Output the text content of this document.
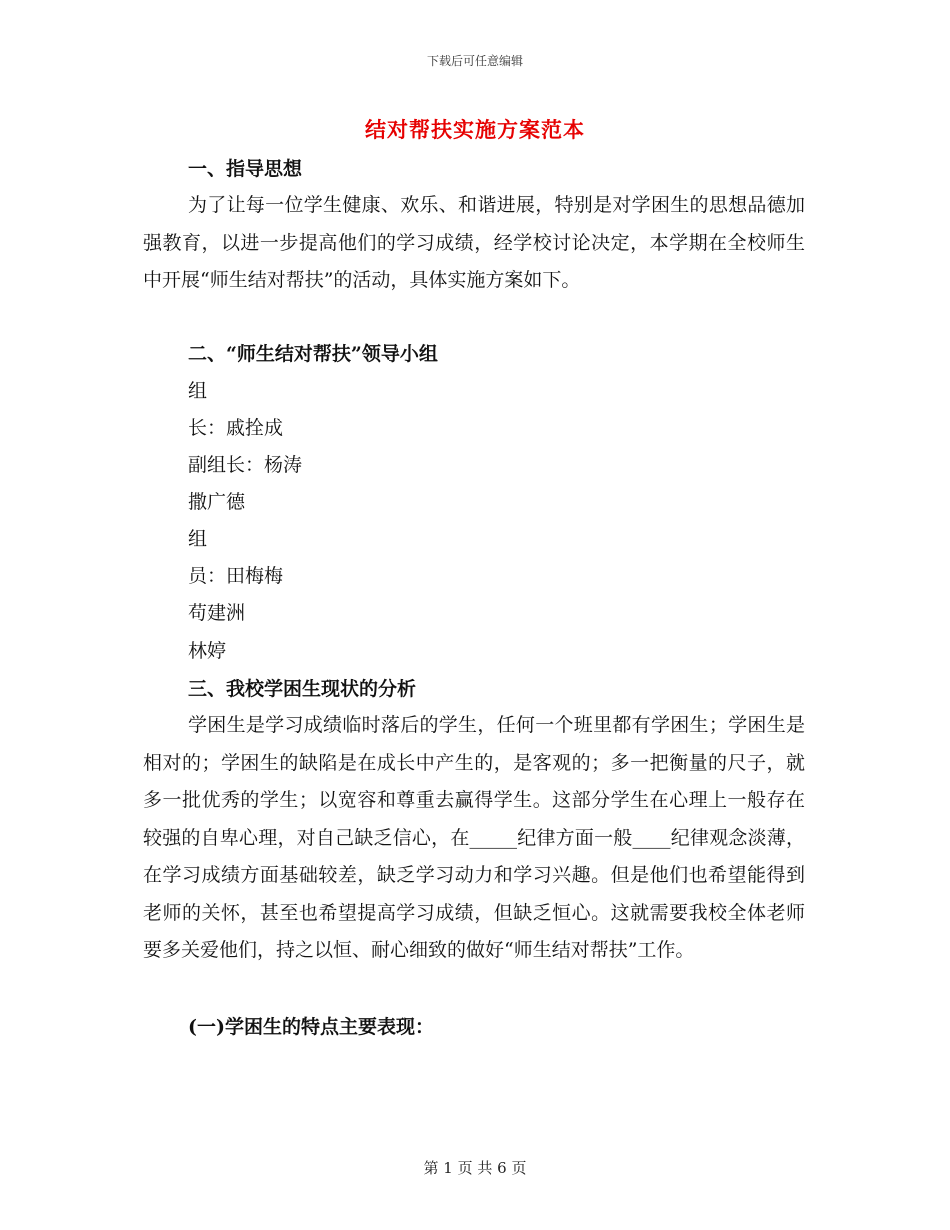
下载后可任意编辑
结对帮扶实施方案范本
一、指导思想
为了让每一位学生健康、欢乐、和谐进展，特别是对学困生的思想品德加强教育，以进一步提高他们的学习成绩，经学校讨论决定，本学期在全校师生中开展“师生结对帮扶”的活动，具体实施方案如下。
二、“师生结对帮扶”领导小组
组
长：戚拴成
副组长：杨涛
撒广德
组
员：田梅梅
苟建洲
林婷
三、我校学困生现状的分析
学困生是学习成绩临时落后的学生，任何一个班里都有学困生；学困生是相对的；学困生的缺陷是在成长中产生的，是客观的；多一把衡量的尺子，就多一批优秀的学生；以宽容和尊重去赢得学生。这部分学生在心理上一般存在较强的自卑心理，对自己缺乏信心，在_____纪律方面一般____纪律观念淡薄，在学习成绩方面基础较差，缺乏学习动力和学习兴趣。但是他们也希望能得到老师的关怀，甚至也希望提高学习成绩，但缺乏恒心。这就需要我校全体老师要多关爱他们，持之以恒、耐心细致的做好“师生结对帮扶”工作。
(一)学困生的特点主要表现：
第 1 页 共 6 页
